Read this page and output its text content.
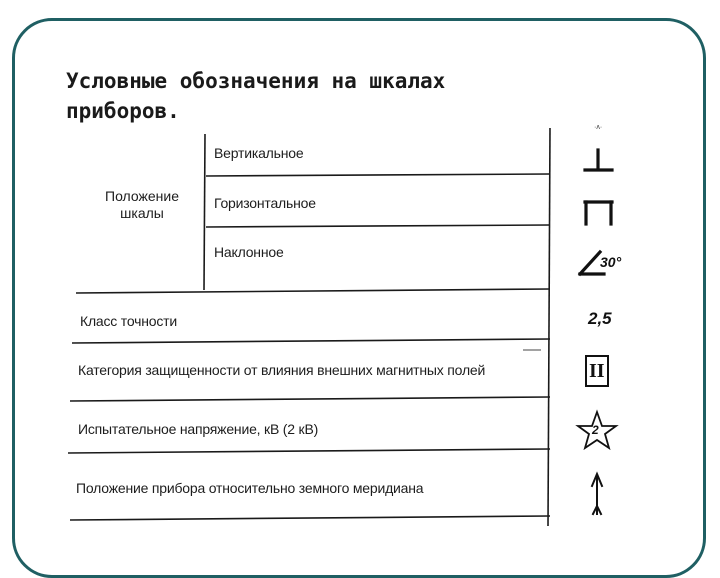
Условные обозначения на шкалах
приборов.
·ʌ·
Положение
шкалы
Вертикальное
Горизонтальное
Наклонное
Класс точности
Категория защищенности от влияния внешних магнитных полей
Испытательное напряжение, кВ (2 кВ)
Положение прибора относительно земного меридиана
30°
2,5
II
2
